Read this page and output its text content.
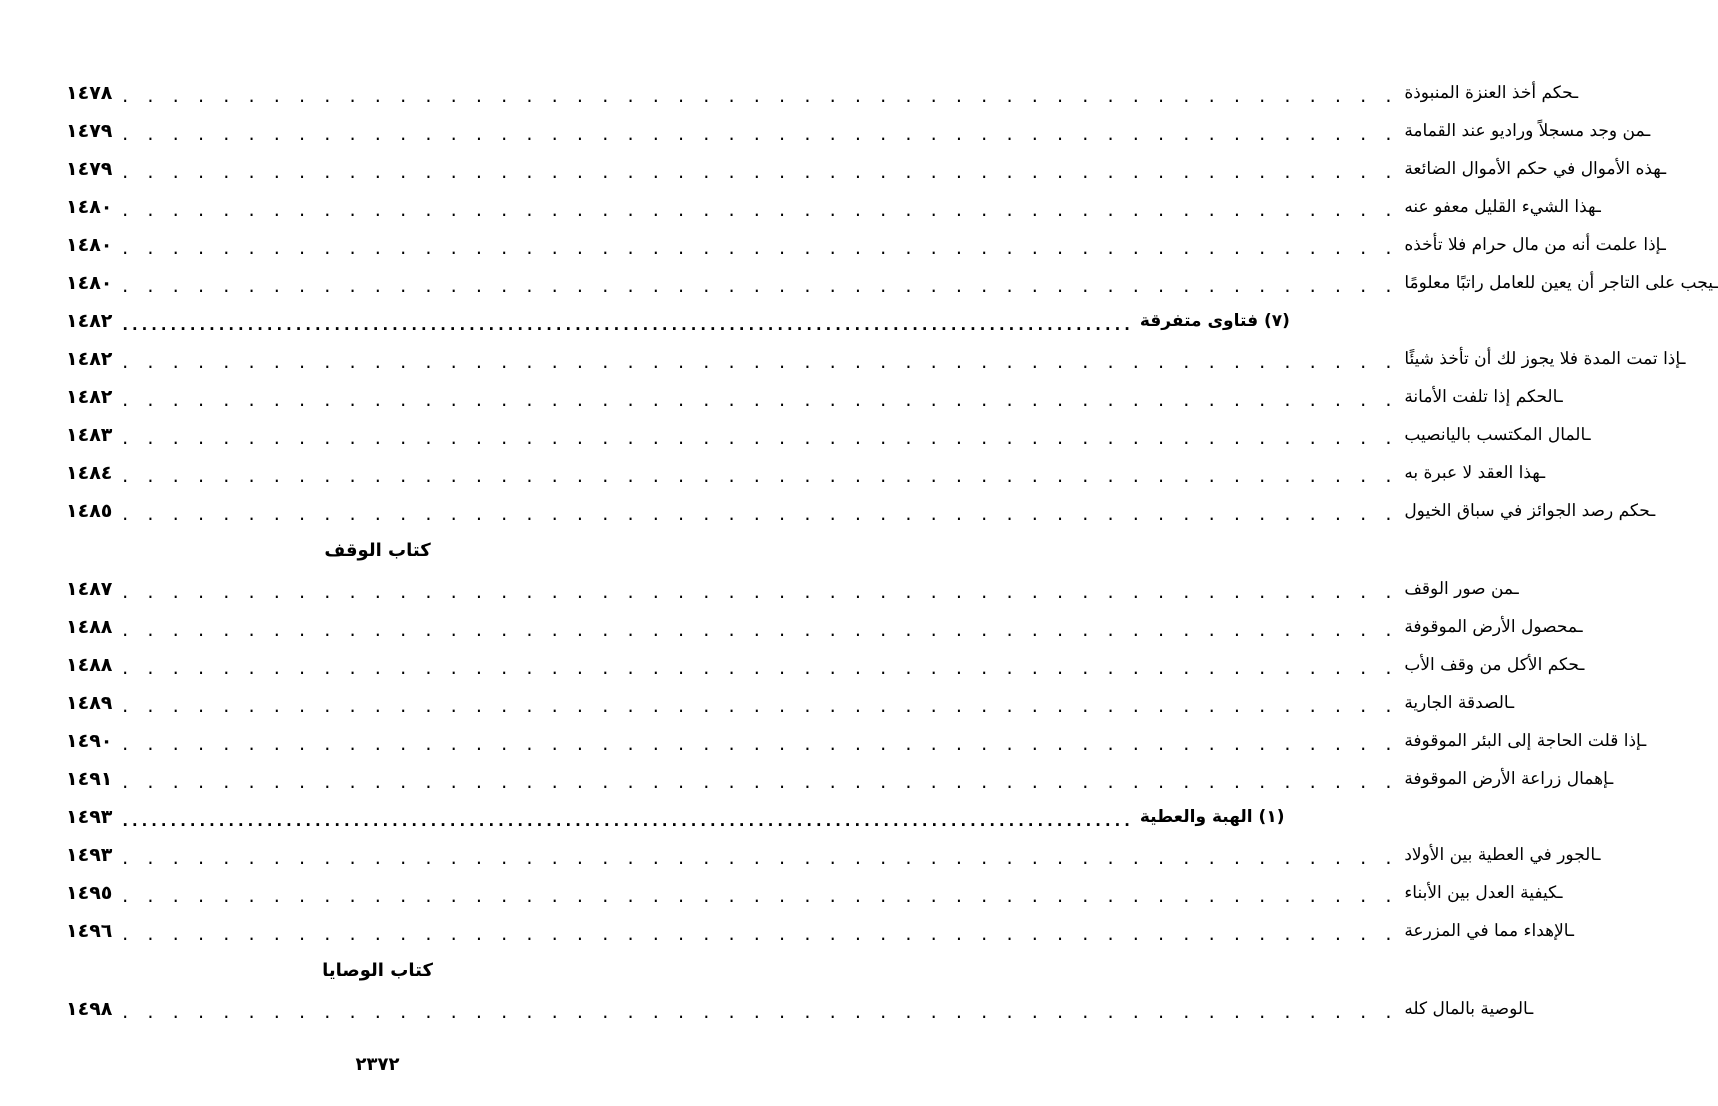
١٤٧٨ . . . . . . . . . . . . . . . . . . . . . . . . . . . . . . . . . . . . . . . . . . . . . . . . . . . ـحكم أخذ العنزة المنبوذة
١٤٧٩ . . . . . . . . . . . . . . . . . . . . . . . . . . . . . . . . . . . . . . . . . . . . . . . . . . . ـمن وجد مسجلاً وراديو عند القمامة
١٤٧٩ . . . . . . . . . . . . . . . . . . . . . . . . . . . . . . . . . . . . . . . . . . . . . . . . . . . ـهذه الأموال في حكم الأموال الضائعة
١٤٨٠ . . . . . . . . . . . . . . . . . . . . . . . . . . . . . . . . . . . . . . . . . . . . . . . . . . . ـهذا الشيء القليل معفو عنه
١٤٨٠ . . . . . . . . . . . . . . . . . . . . . . . . . . . . . . . . . . . . . . . . . . . . . . . . . . . ـإذا علمت أنه من مال حرام فلا تأخذه
١٤٨٠ . . . . . . . . . . . . . . . . . . . . . . . . . . . . . . . . . . . . . . . . . . . . . . . . . . . ـيجب على التاجر أن يعين للعامل راتبًا معلومًا
١٤٨٢ ......................................................................................................... (٧) فتاوى متفرقة
١٤٨٢ . . . . . . . . . . . . . . . . . . . . . . . . . . . . . . . . . . . . . . . . . . . . . . . . . . . ـإذا تمت المدة فلا يجوز لك أن تأخذ شيئًا
١٤٨٢ . . . . . . . . . . . . . . . . . . . . . . . . . . . . . . . . . . . . . . . . . . . . . . . . . . . ـالحكم إذا تلفت الأمانة
١٤٨٣ . . . . . . . . . . . . . . . . . . . . . . . . . . . . . . . . . . . . . . . . . . . . . . . . . . . ـالمال المكتسب باليانصيب
١٤٨٤ . . . . . . . . . . . . . . . . . . . . . . . . . . . . . . . . . . . . . . . . . . . . . . . . . . . ـهذا العقد لا عبرة به
١٤٨٥ . . . . . . . . . . . . . . . . . . . . . . . . . . . . . . . . . . . . . . . . . . . . . . . . . . . ـحكم رصد الجوائز في سباق الخيول
كتاب الوقف
١٤٨٧ . . . . . . . . . . . . . . . . . . . . . . . . . . . . . . . . . . . . . . . . . . . . . . . . . . . ـمن صور الوقف
١٤٨٨ . . . . . . . . . . . . . . . . . . . . . . . . . . . . . . . . . . . . . . . . . . . . . . . . . . . ـمحصول الأرض الموقوفة
١٤٨٨ . . . . . . . . . . . . . . . . . . . . . . . . . . . . . . . . . . . . . . . . . . . . . . . . . . . ـحكم الأكل من وقف الأب
١٤٨٩ . . . . . . . . . . . . . . . . . . . . . . . . . . . . . . . . . . . . . . . . . . . . . . . . . . . ـالصدقة الجارية
١٤٩٠ . . . . . . . . . . . . . . . . . . . . . . . . . . . . . . . . . . . . . . . . . . . . . . . . . . . ـإذا قلت الحاجة إلى البئر الموقوفة
١٤٩١ . . . . . . . . . . . . . . . . . . . . . . . . . . . . . . . . . . . . . . . . . . . . . . . . . . . ـإهمال زراعة الأرض الموقوفة
١٤٩٣ ......................................................................................................... (١) الهبة والعطية
١٤٩٣ . . . . . . . . . . . . . . . . . . . . . . . . . . . . . . . . . . . . . . . . . . . . . . . . . . . ـالجور في العطية بين الأولاد
١٤٩٥ . . . . . . . . . . . . . . . . . . . . . . . . . . . . . . . . . . . . . . . . . . . . . . . . . . . ـكيفية العدل بين الأبناء
١٤٩٦ . . . . . . . . . . . . . . . . . . . . . . . . . . . . . . . . . . . . . . . . . . . . . . . . . . . ـالإهداء مما في المزرعة
كتاب الوصايا
١٤٩٨ . . . . . . . . . . . . . . . . . . . . . . . . . . . . . . . . . . . . . . . . . . . . . . . . . . . ـالوصية بالمال كله
٢٣٧٢
